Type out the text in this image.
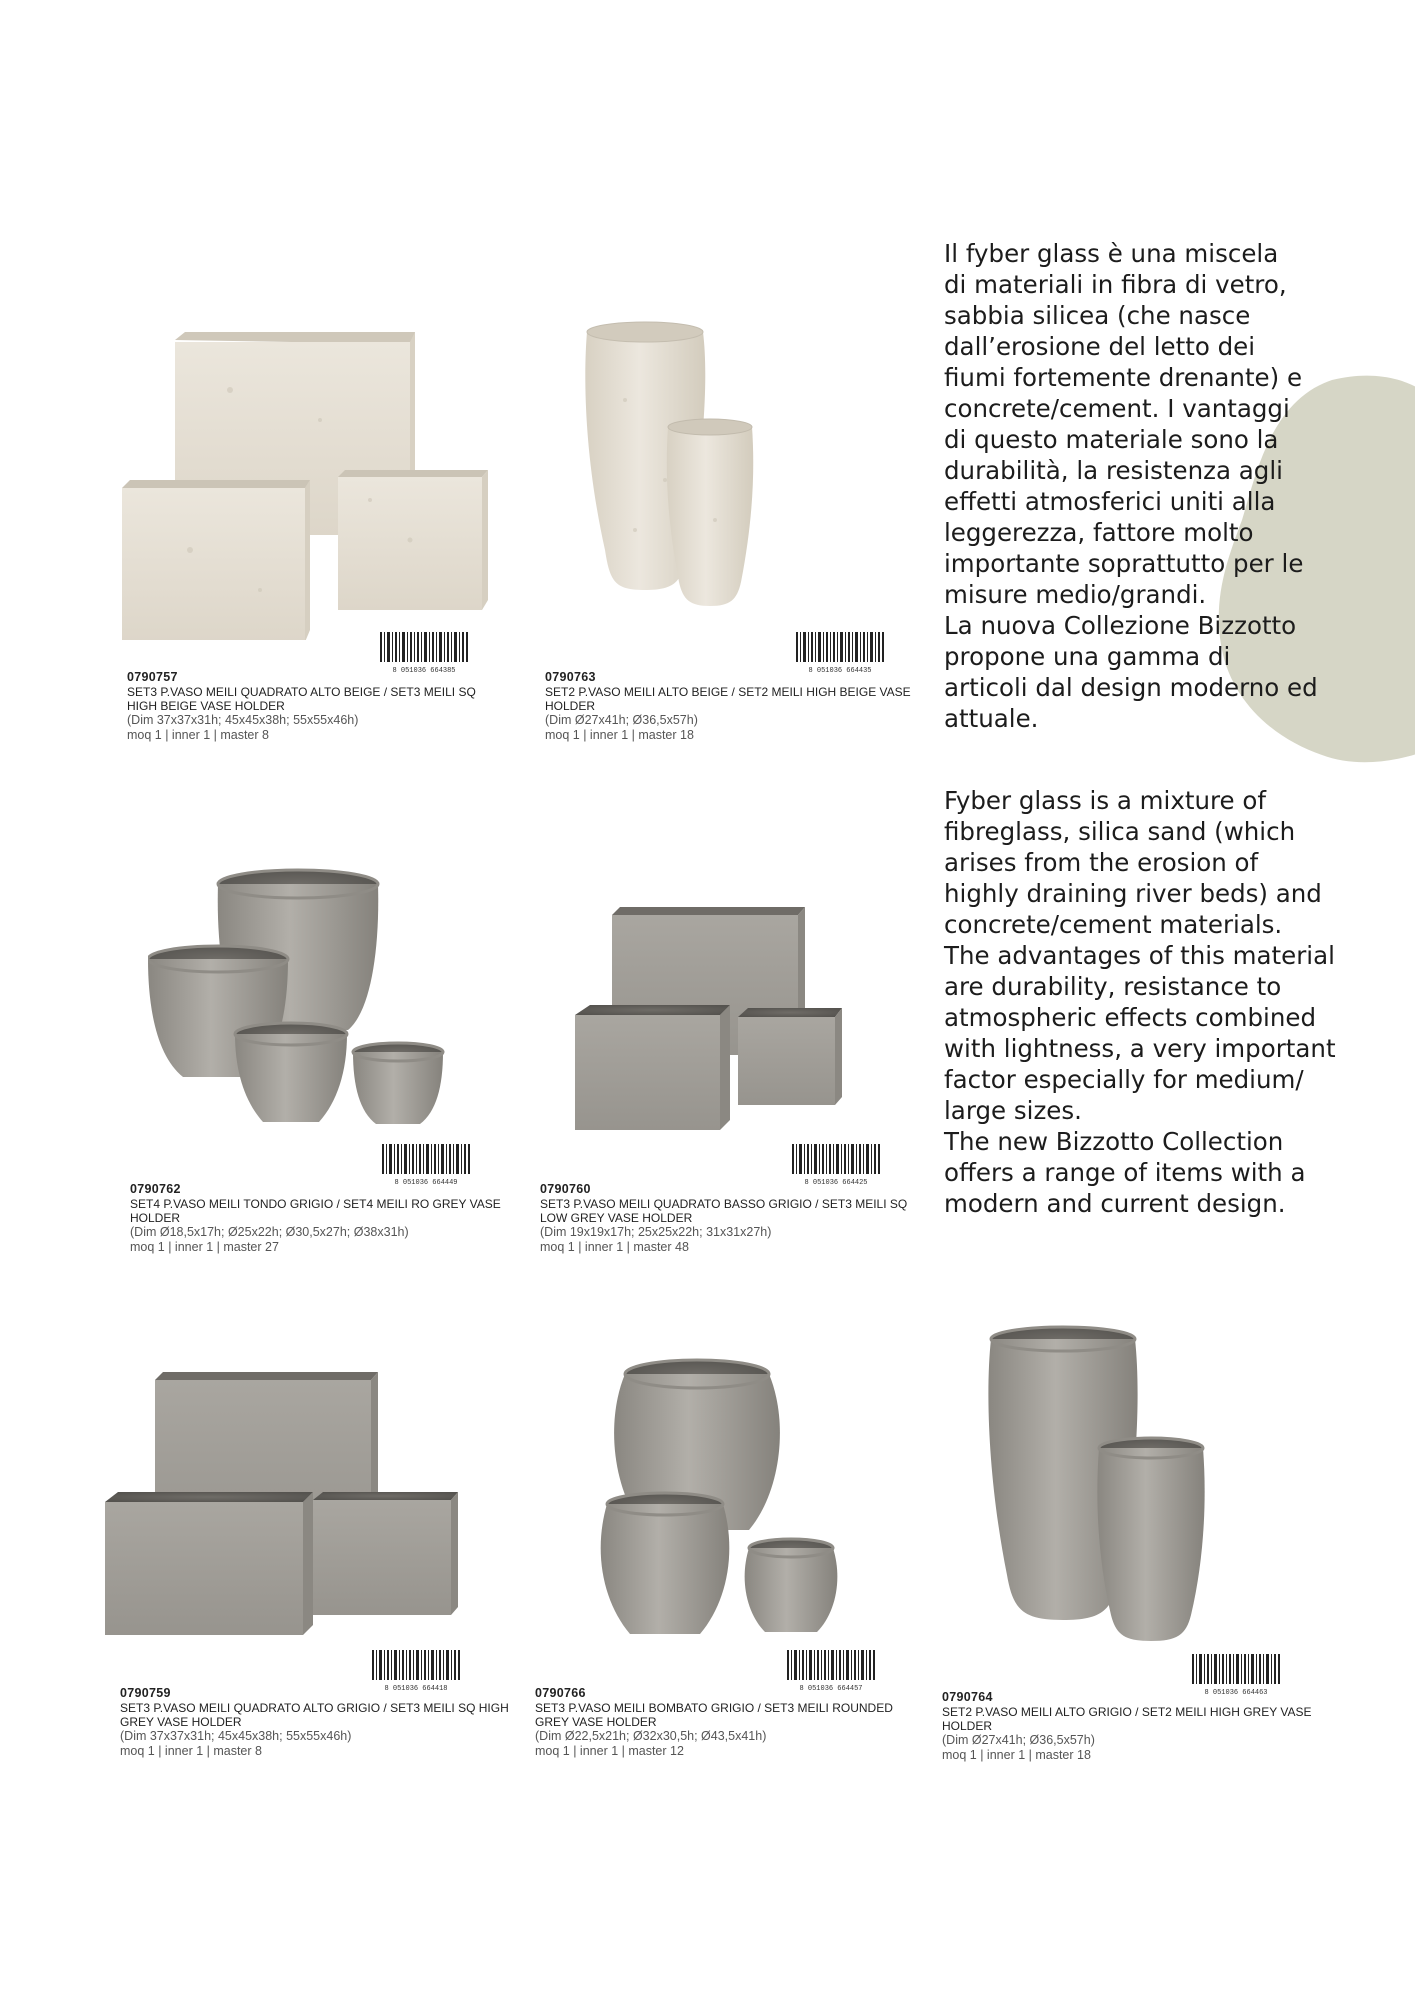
Il fyber glass è una miscela
di materiali in fibra di vetro,
sabbia silicea (che nasce
dall’erosione del letto dei
fiumi fortemente drenante) e
concrete/cement. I vantaggi
di questo materiale sono la
durabilità, la resistenza agli
effetti atmosferici uniti alla
leggerezza, fattore molto
importante soprattutto per le
misure medio/grandi.
La nuova Collezione Bizzotto
propone una gamma di
articoli dal design moderno ed
attuale.
Fyber glass is a mixture of
fibreglass, silica sand (which
arises from the erosion of
highly draining river beds) and
concrete/cement materials.
The advantages of this material
are durability, resistance to
atmospheric effects combined
with lightness, a very important
factor especially for medium/
large sizes.
The new Bizzotto Collection
offers a range of items with a
modern and current design.
8 051036 664385
0790757
SET3 P.VASO MEILI QUADRATO ALTO BEIGE / SET3 MEILI SQ HIGH BEIGE VASE HOLDER
(Dim 37x37x31h; 45x45x38h; 55x55x46h)
moq 1 | inner 1 | master 8
8 051036 664435
0790763
SET2 P.VASO MEILI ALTO BEIGE / SET2 MEILI HIGH BEIGE VASE HOLDER
(Dim Ø27x41h; Ø36,5x57h)
moq 1 | inner 1 | master 18
8 051036 664449
0790762
SET4 P.VASO MEILI TONDO GRIGIO / SET4 MEILI RO GREY VASE HOLDER
(Dim Ø18,5x17h; Ø25x22h; Ø30,5x27h; Ø38x31h)
moq 1 | inner 1 | master 27
8 051036 664425
0790760
SET3 P.VASO MEILI QUADRATO BASSO GRIGIO / SET3 MEILI SQ LOW GREY VASE HOLDER
(Dim 19x19x17h; 25x25x22h; 31x31x27h)
moq 1 | inner 1 | master 48
8 051036 664418
0790759
SET3 P.VASO MEILI QUADRATO ALTO GRIGIO / SET3 MEILI SQ HIGH GREY VASE HOLDER
(Dim 37x37x31h; 45x45x38h; 55x55x46h)
moq 1 | inner 1 | master 8
8 051036 664457
0790766
SET3 P.VASO MEILI BOMBATO GRIGIO / SET3 MEILI ROUNDED GREY VASE HOLDER
(Dim Ø22,5x21h; Ø32x30,5h; Ø43,5x41h)
moq 1 | inner 1 | master 12
8 051036 664463
0790764
SET2 P.VASO MEILI ALTO GRIGIO / SET2 MEILI HIGH GREY VASE HOLDER
(Dim Ø27x41h; Ø36,5x57h)
moq 1 | inner 1 | master 18
